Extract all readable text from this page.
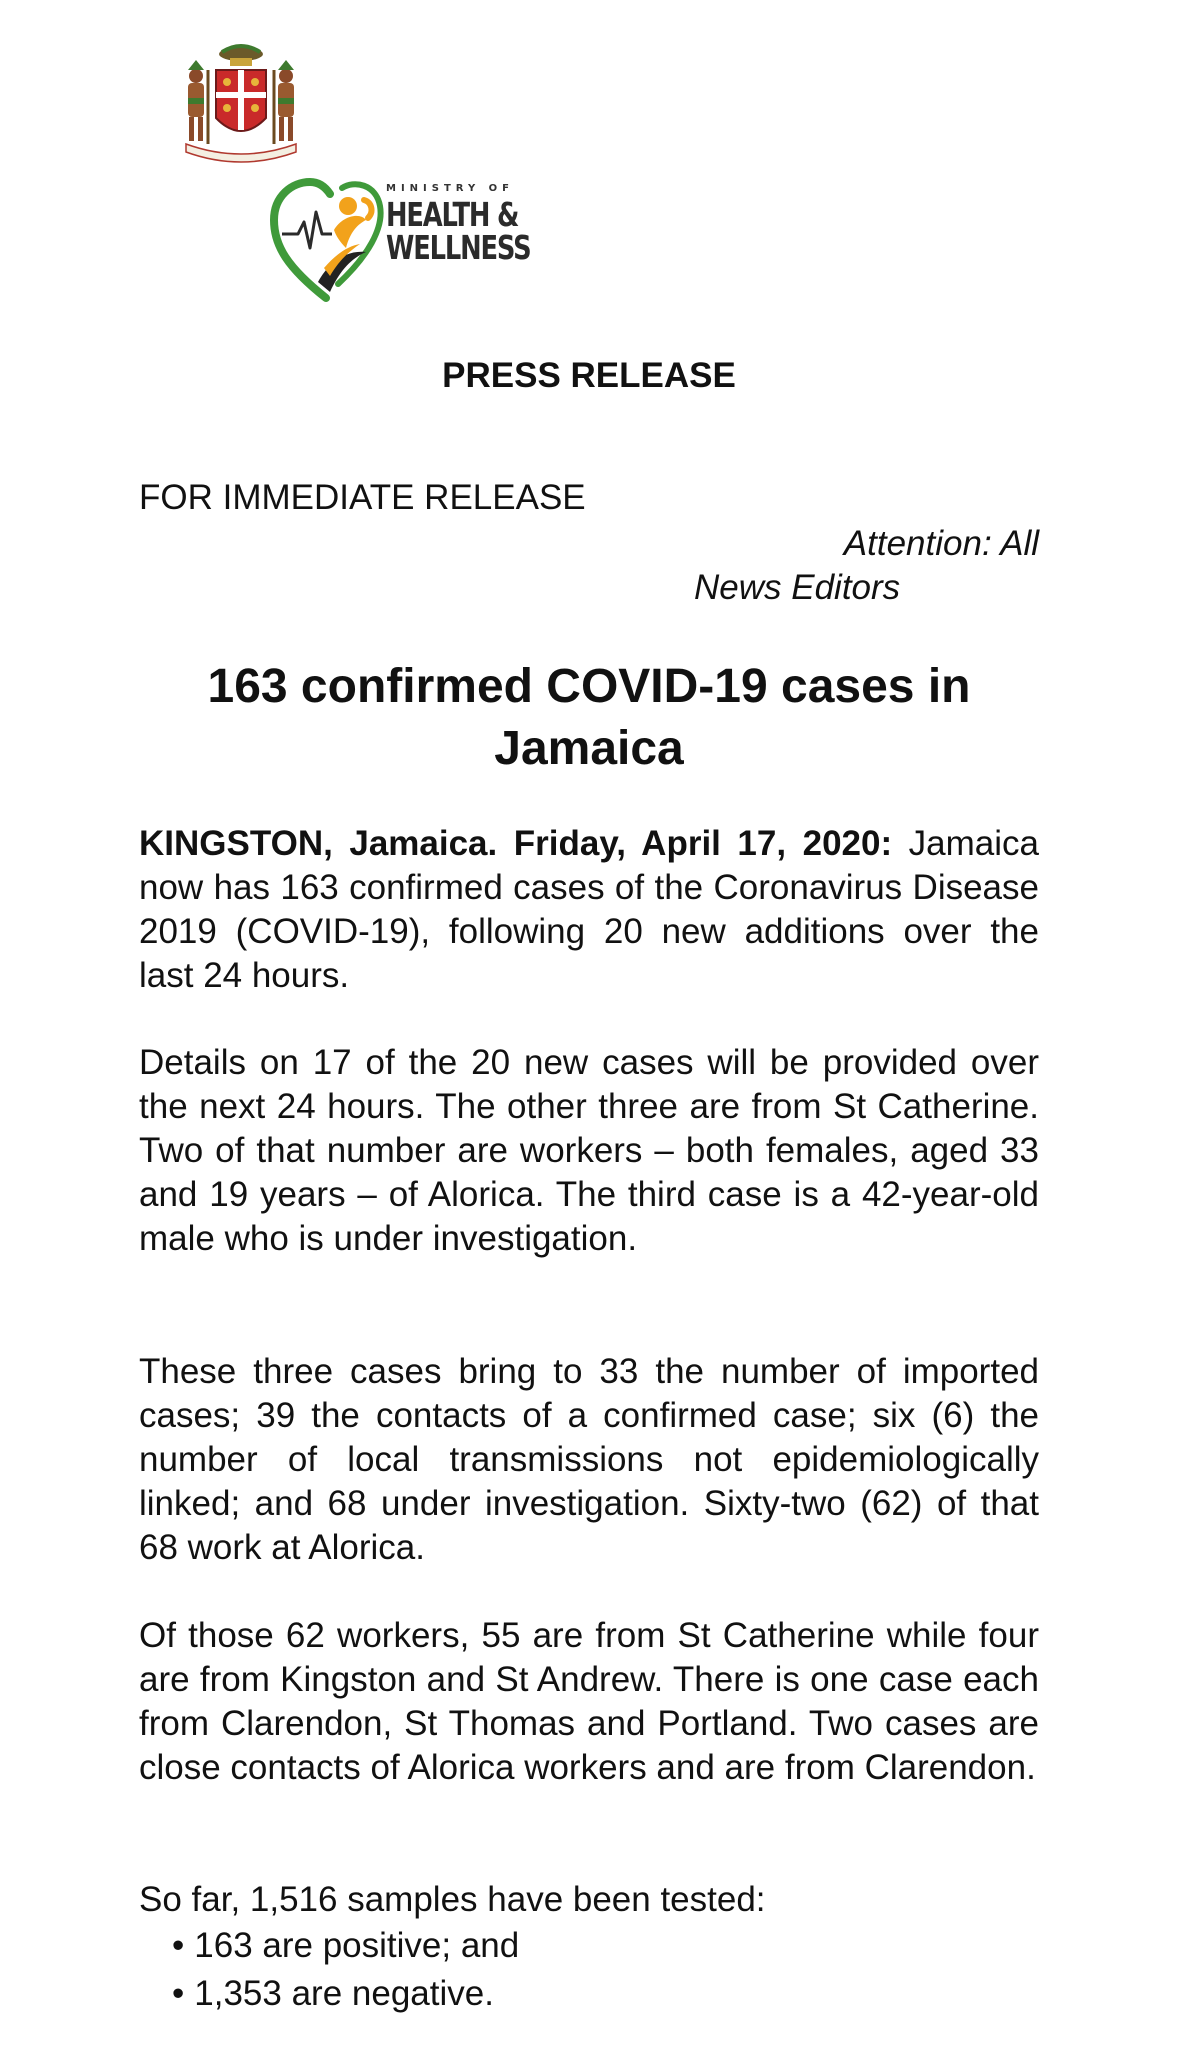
MINISTRY OF
HEALTH &
WELLNESS
PRESS RELEASE
FOR IMMEDIATE RELEASE
Attention: All
News Editors
163 confirmed COVID-19 cases in Jamaica

KINGSTON, Jamaica. Friday, April 17, 2020: Jamaica now has 163 confirmed cases of the Coronavirus Disease 2019 (COVID-19), following 20 new additions over the last 24 hours.

Details on 17 of the 20 new cases will be provided over the next 24 hours. The other three are from St Catherine. Two of that number are workers – both females, aged 33 and 19 years – of Alorica. The third case is a 42-year-old male who is under investigation.

These three cases bring to 33 the number of imported cases; 39 the contacts of a confirmed case; six (6) the number of local transmissions not epidemiologically linked; and 68 under investigation. Sixty-two (62) of that 68 work at Alorica.

Of those 62 workers, 55 are from St Catherine while four are from Kingston and St Andrew. There is one case each from Clarendon, St Thomas and Portland. Two cases are close contacts of Alorica workers and are from Clarendon.

So far, 1,516 samples have been tested:

• 163 are positive; and
• 1,353 are negative.
